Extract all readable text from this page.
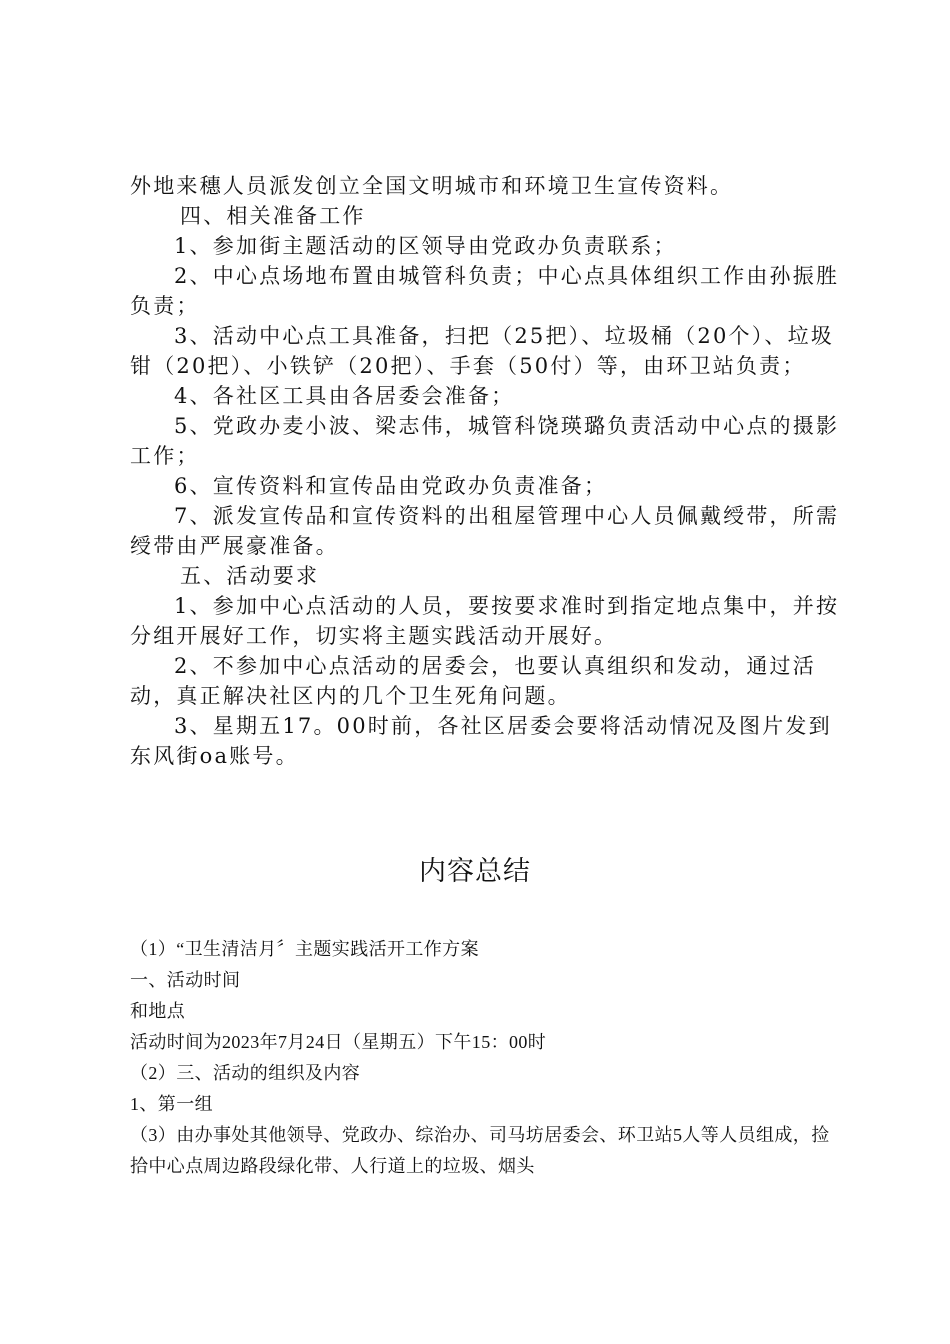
外地来穗人员派发创立全国文明城市和环境卫生宣传资料。

四、相关准备工作

1、参加街主题活动的区领导由党政办负责联系；

2、中心点场地布置由城管科负责；中心点具体组织工作由孙振胜负责；

3、活动中心点工具准备，扫把（25把）、垃圾桶（20个）、垃圾钳（20把）、小铁铲（20把）、手套（50付）等，由环卫站负责；

4、各社区工具由各居委会准备；

5、党政办麦小波、梁志伟，城管科饶瑛璐负责活动中心点的摄影工作；

6、宣传资料和宣传品由党政办负责准备；

7、派发宣传品和宣传资料的出租屋管理中心人员佩戴绶带，所需绶带由严展豪准备。

五、活动要求

1、参加中心点活动的人员，要按要求准时到指定地点集中，并按分组开展好工作，切实将主题实践活动开展好。

2、不参加中心点活动的居委会，也要认真组织和发动，通过活动，真正解决社区内的几个卫生死角问题。

3、星期五17。00时前，各社区居委会要将活动情况及图片发到东风街oa账号。

内容总结

（1）“卫生清洁月〞主题实践活开工作方案

一、活动时间

和地点

活动时间为2023年7月24日（星期五）下午15：00时

（2）三、活动的组织及内容

1、第一组

（3）由办事处其他领导、党政办、综治办、司马坊居委会、环卫站5人等人员组成，捡拾中心点周边路段绿化带、人行道上的垃圾、烟头
